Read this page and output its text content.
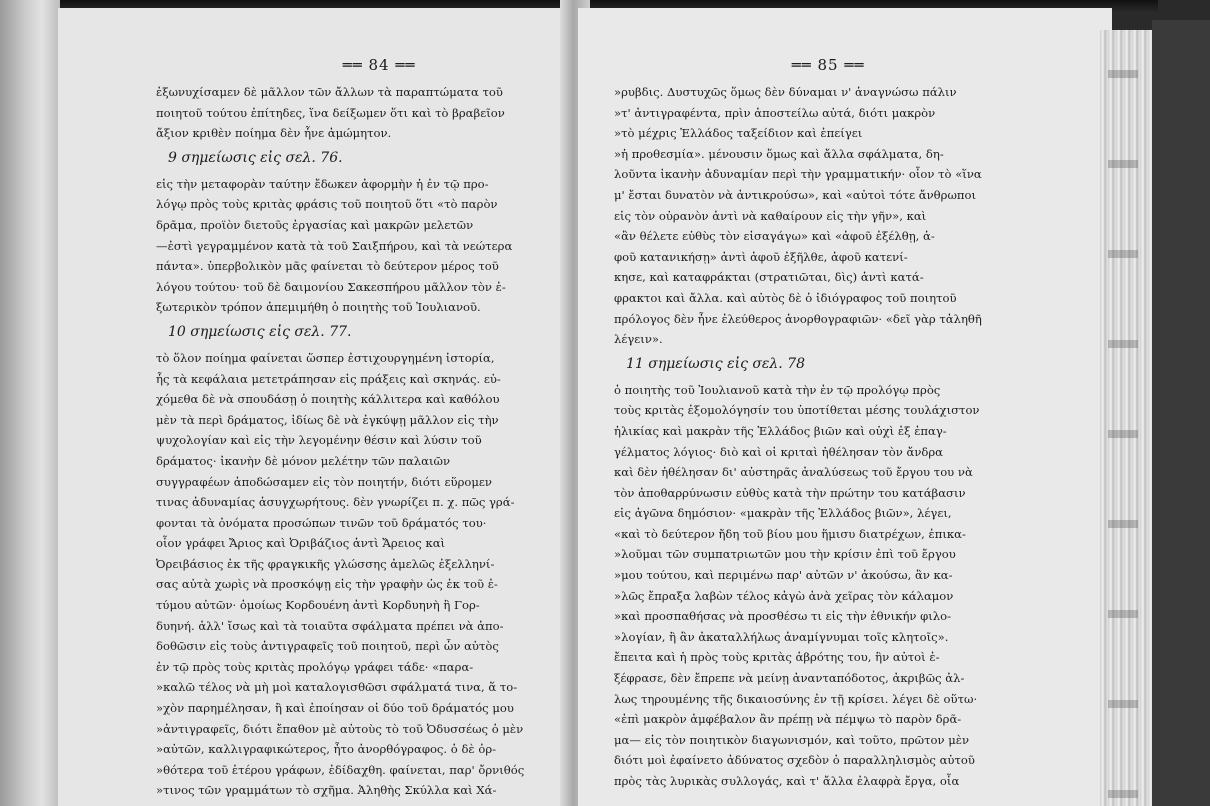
══ 84 ══

ἐξωνυχίσαμεν δὲ μᾶλλον τῶν ἄλλων τὰ παραπτώματα τοῦ

ποιητοῦ τούτου ἐπίτηδες, ἵνα δείξωμεν ὅτι καὶ τὸ βραβεῖον

ἄξιον κριθὲν ποίημα δὲν ἦνε ἀμώμητον.

9 σημείωσις εἰς σελ. 76.

εἰς τὴν μεταφορὰν ταύτην ἔδωκεν ἀφορμὴν ἡ ἐν τῷ προ-

λόγῳ πρὸς τοὺς κριτὰς φράσις τοῦ ποιητοῦ ὅτι «τὸ παρὸν

δρᾶμα, προϊὸν διετοῦς ἐργασίας καὶ μακρῶν μελετῶν

—ἐστὶ γεγραμμένον κατὰ τὰ τοῦ Σαιξπήρου, καὶ τὰ νεώτερα

πάντα». ὑπερβολικὸν μᾶς φαίνεται τὸ δεύτερον μέρος τοῦ

λόγου τούτου· τοῦ δὲ δαιμονίου Σακεσπήρου μᾶλλον τὸν ἐ-

ξωτερικὸν τρόπον ἀπεμιμήθη ὁ ποιητὴς τοῦ Ἰουλιανοῦ.

10 σημείωσις εἰς σελ. 77.

τὸ ὅλον ποίημα φαίνεται ὥσπερ ἐστιχουργημένη ἱστορία,

ἧς τὰ κεφάλαια μετετράπησαν εἰς πράξεις καὶ σκηνάς. εὐ-

χόμεθα δὲ νὰ σπουδάσῃ ὁ ποιητὴς κάλλιτερα καὶ καθόλου

μὲν τὰ περὶ δράματος, ἰδίως δὲ νὰ ἐγκύψῃ μᾶλλον εἰς τὴν

ψυχολογίαν καὶ εἰς τὴν λεγομένην θέσιν καὶ λύσιν τοῦ

δράματος· ἱκανὴν δὲ μόνον μελέτην τῶν παλαιῶν

συγγραφέων ἀποδώσαμεν εἰς τὸν ποιητήν, διότι εὕρομεν

τινας ἀδυναμίας ἀσυγχωρήτους. δὲν γνωρίζει π. χ. πῶς γρά-

φονται τὰ ὀνόματα προσώπων τινῶν τοῦ δράματός του·

οἷον γράφει Ἄριος καὶ Ὀριβάζιος ἀντὶ Ἄρειος καὶ

Ὀρειβάσιος ἐκ τῆς φραγκικῆς γλώσσης ἀμελῶς ἐξελληνί-

σας αὐτὰ χωρὶς νὰ προσκόψῃ εἰς τὴν γραφὴν ὡς ἐκ τοῦ ἐ-

τύμου αὐτῶν· ὁμοίως Κορδουένη ἀντὶ Κορδυηνὴ ἢ Γορ-

δυηνή. ἀλλ' ἴσως καὶ τὰ τοιαῦτα σφάλματα πρέπει νὰ ἀπο-

δοθῶσιν εἰς τοὺς ἀντιγραφεῖς τοῦ ποιητοῦ, περὶ ὧν αὐτὸς

ἐν τῷ πρὸς τοὺς κριτὰς προλόγῳ γράφει τάδε· «παρα-

»καλῶ τέλος νὰ μὴ μοὶ καταλογισθῶσι σφάλματά τινα, ἅ το-

»χὸν παρημέλησαν, ἢ καὶ ἐποίησαν οἱ δύο τοῦ δράματός μου

»ἀντιγραφεῖς, διότι ἔπαθον μὲ αὐτοὺς τὸ τοῦ Ὀδυσσέως ὁ μὲν

»αὐτῶν, καλλιγραφικώτερος, ἦτο ἀνορθόγραφος. ὁ δὲ ὀρ-

»θότερα τοῦ ἑτέρου γράφων, ἐδίδαχθη. φαίνεται, παρ' ὄρνιθός

»τινος τῶν γραμμάτων τὸ σχῆμα. Ἀληθὴς Σκύλλα καὶ Χά-

══ 85 ══

»ρυβδις. Δυστυχῶς ὅμως δὲν δύναμαι ν' ἀναγνώσω πάλιν

»τ' ἀντιγραφέντα, πρὶν ἀποστείλω αὐτά, διότι μακρὸν

»τὸ μέχρις Ἑλλάδος ταξείδιον καὶ ἐπείγει

»ἡ προθεσμία». μένουσιν ὅμως καὶ ἄλλα σφάλματα, δη-

λοῦντα ἱκανὴν ἀδυναμίαν περὶ τὴν γραμματικήν· οἷον τὸ «ἵνα

μ' ἔσται δυνατὸν νὰ ἀντικρούσω», καὶ «αὐτοὶ τότε ἄνθρωποι

εἰς τὸν οὐρανὸν ἀντὶ νὰ καθαίρουν εἰς τὴν γῆν», καὶ

«ἂν θέλετε εὐθὺς τὸν εἰσαγάγω» καὶ «ἀφοῦ ἐξέλθῃ, ἀ-

φοῦ κατανικήσῃ» ἀντὶ ἀφοῦ ἐξῆλθε, ἀφοῦ κατενί-

κησε, καὶ καταφράκται (στρατιῶται, δὶς) ἀντὶ κατά-

φρακτοι καὶ ἄλλα. καὶ αὐτὸς δὲ ὁ ἰδιόγραφος τοῦ ποιητοῦ

πρόλογος δὲν ἦνε ἐλεύθερος ἀνορθογραφιῶν· «δεῖ γὰρ τἀληθῆ

λέγειν».

11 σημείωσις εἰς σελ. 78

ὁ ποιητὴς τοῦ Ἰουλιανοῦ κατὰ τὴν ἐν τῷ προλόγῳ πρὸς

τοὺς κριτὰς ἐξομολόγησίν του ὑποτίθεται μέσης τουλάχιστον

ἡλικίας καὶ μακρὰν τῆς Ἑλλάδος βιῶν καὶ οὐχὶ ἐξ ἐπαγ-

γέλματος λόγιος· διὸ καὶ οἱ κριταὶ ἠθέλησαν τὸν ἄνδρα

καὶ δὲν ἠθέλησαν δι' αὐστηρᾶς ἀναλύσεως τοῦ ἔργου του νὰ

τὸν ἀποθαρρύνωσιν εὐθὺς κατὰ τὴν πρώτην του κατάβασιν

εἰς ἀγῶνα δημόσιον· «μακρὰν τῆς Ἑλλάδος βιῶν», λέγει,

«καὶ τὸ δεύτερον ἤδη τοῦ βίου μου ἥμισυ διατρέχων, ἐπικα-

»λοῦμαι τῶν συμπατριωτῶν μου τὴν κρίσιν ἐπὶ τοῦ ἔργου

»μου τούτου, καὶ περιμένω παρ' αὐτῶν ν' ἀκούσω, ἂν κα-

»λῶς ἔπραξα λαβὼν τέλος κἀγὼ ἀνὰ χεῖρας τὸν κάλαμον

»καὶ προσπαθήσας νὰ προσθέσω τι εἰς τὴν ἐθνικήν φιλο-

»λογίαν, ἢ ἂν ἀκαταλλήλως ἀναμίγνυμαι τοῖς κλητοῖς».

ἔπειτα καὶ ἡ πρὸς τοὺς κριτὰς ἁβρότης του, ἣν αὐτοὶ ἐ-

ξέφρασε, δὲν ἔπρεπε νὰ μείνῃ ἀνανταπόδοτος, ἀκριβῶς ἀλ-

λως τηρουμένης τῆς δικαιοσύνης ἐν τῇ κρίσει. λέγει δὲ οὕτω·

«ἐπὶ μακρὸν ἀμφέβαλον ἂν πρέπῃ νὰ πέμψω τὸ παρὸν δρᾶ-

μα— εἰς τὸν ποιητικὸν διαγωνισμόν, καὶ τοῦτο, πρῶτον μὲν

διότι μοὶ ἐφαίνετο ἀδύνατος σχεδὸν ὁ παραλληλισμὸς αὐτοῦ

πρὸς τὰς λυρικὰς συλλογάς, καὶ τ' ἄλλα ἐλαφρὰ ἔργα, οἷα
